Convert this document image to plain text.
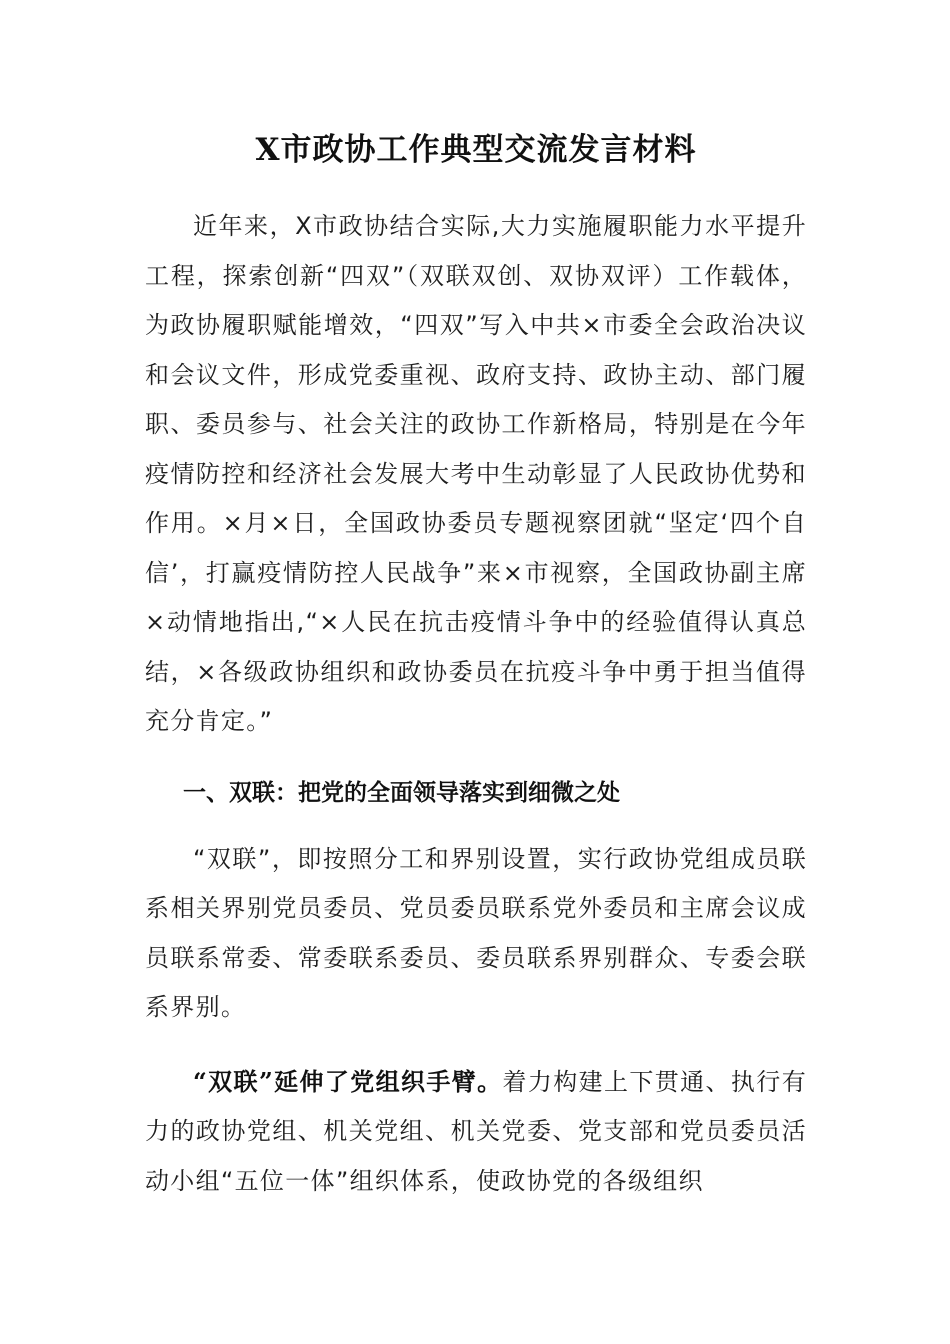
X市政协工作典型交流发言材料

近年来，X市政协结合实际,大力实施履职能力水平提升工程，探索创新“四双”（双联双创、双协双评）工作载体，为政协履职赋能增效，“四双”写入中共×市委全会政治决议和会议文件，形成党委重视、政府支持、政协主动、部门履职、委员参与、社会关注的政协工作新格局，特别是在今年疫情防控和经济社会发展大考中生动彰显了人民政协优势和作用。×月×日，全国政协委员专题视察团就“坚定‘四个自信’，打赢疫情防控人民战争”来×市视察，全国政协副主席×动情地指出,“×人民在抗击疫情斗争中的经验值得认真总结，×各级政协组织和政协委员在抗疫斗争中勇于担当值得充分肯定。”

一、双联：把党的全面领导落实到细微之处

“双联”，即按照分工和界别设置，实行政协党组成员联系相关界别党员委员、党员委员联系党外委员和主席会议成员联系常委、常委联系委员、委员联系界别群众、专委会联系界别。

“双联”延伸了党组织手臂。着力构建上下贯通、执行有力的政协党组、机关党组、机关党委、党支部和党员委员活动小组“五位一体”组织体系，使政协党的各级组织
